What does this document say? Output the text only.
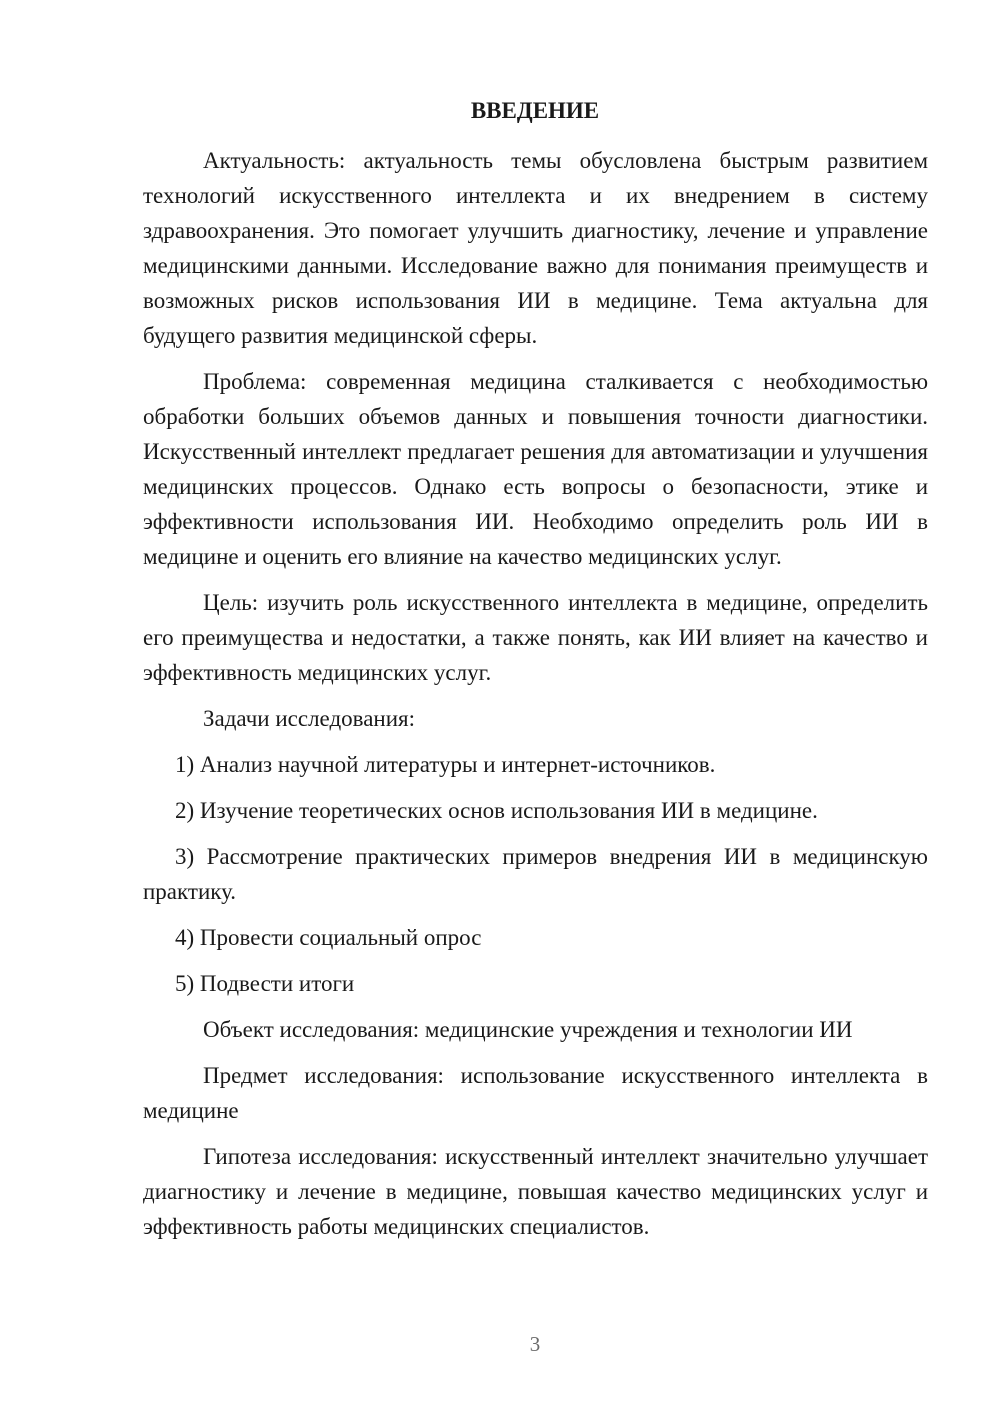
ВВЕДЕНИЕ

Актуальность: актуальность темы обусловлена быстрым развитием технологий искусственного интеллекта и их внедрением в систему здравоохранения. Это помогает улучшить диагностику, лечение и управление медицинскими данными. Исследование важно для понимания преимуществ и возможных рисков использования ИИ в медицине. Тема актуальна для будущего развития медицинской сферы.

Проблема: современная медицина сталкивается с необходимостью обработки больших объемов данных и повышения точности диагностики. Искусственный интеллект предлагает решения для автоматизации и улучшения медицинских процессов. Однако есть вопросы о безопасности, этике и эффективности использования ИИ. Необходимо определить роль ИИ в медицине и оценить его влияние на качество медицинских услуг.

Цель: изучить роль искусственного интеллекта в медицине, определить его преимущества и недостатки, а также понять, как ИИ влияет на качество и эффективность медицинских услуг.

Задачи исследования:

1) Анализ научной литературы и интернет-источников.

2) Изучение теоретических основ использования ИИ в медицине.

3) Рассмотрение практических примеров внедрения ИИ в медицинскую практику.

4) Провести социальный опрос

5) Подвести итоги

Объект исследования: медицинские учреждения и технологии ИИ

Предмет исследования: использование искусственного интеллекта в медицине

Гипотеза исследования: искусственный интеллект значительно улучшает диагностику и лечение в медицине, повышая качество медицинских услуг и эффективность работы медицинских специалистов.

3
